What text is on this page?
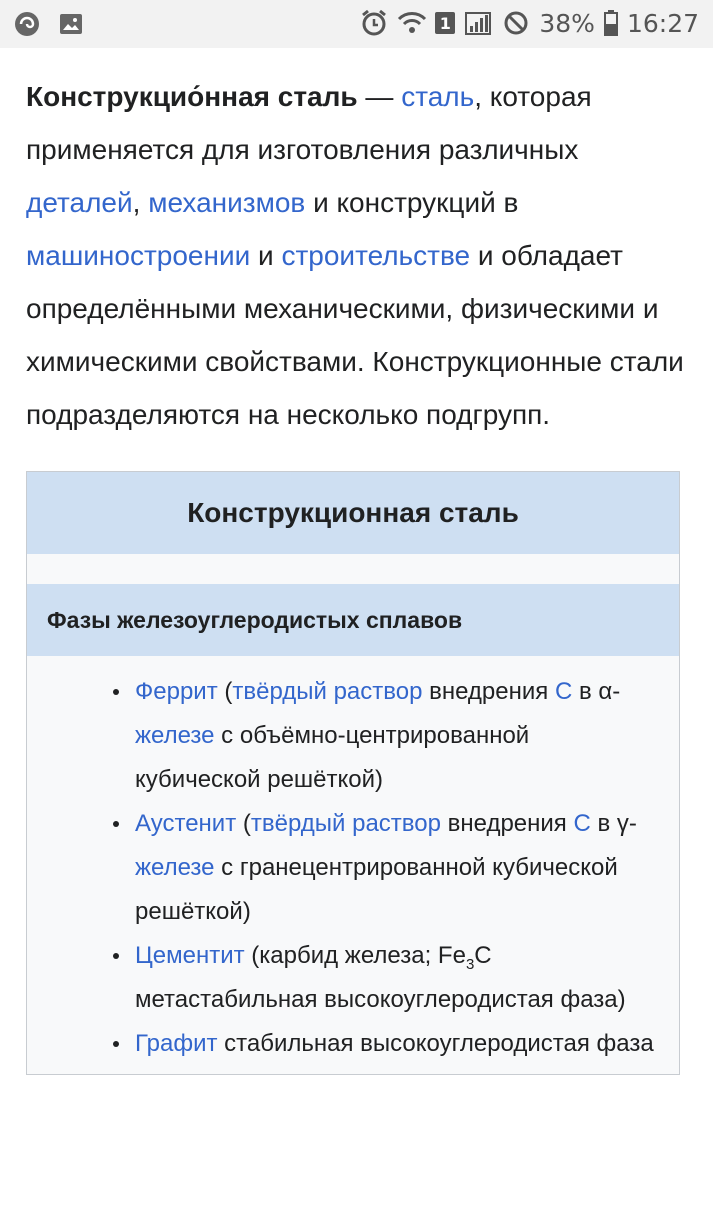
1	38% 16:27

Конструкцио́нная сталь — сталь, которая применяется для изготовления различных деталей, механизмов и конструкций в машиностроении и строительстве и обладает определёнными механическими, физическими и химическими свойствами. Конструкционные стали подразделяются на несколько подгрупп.

Конструкционная сталь
Фазы железоуглеродистых сплавов
Феррит (твёрдый раствор внедрения C в α-железе с объёмно-центрированной кубической решёткой)
Аустенит (твёрдый раствор внедрения C в γ-железе с гранецентрированной кубической решёткой)
Цементит (карбид железа; $Fe_3C$ метастабильная высокоуглеродистая фаза)
Графит стабильная высокоуглеродистая фаза
